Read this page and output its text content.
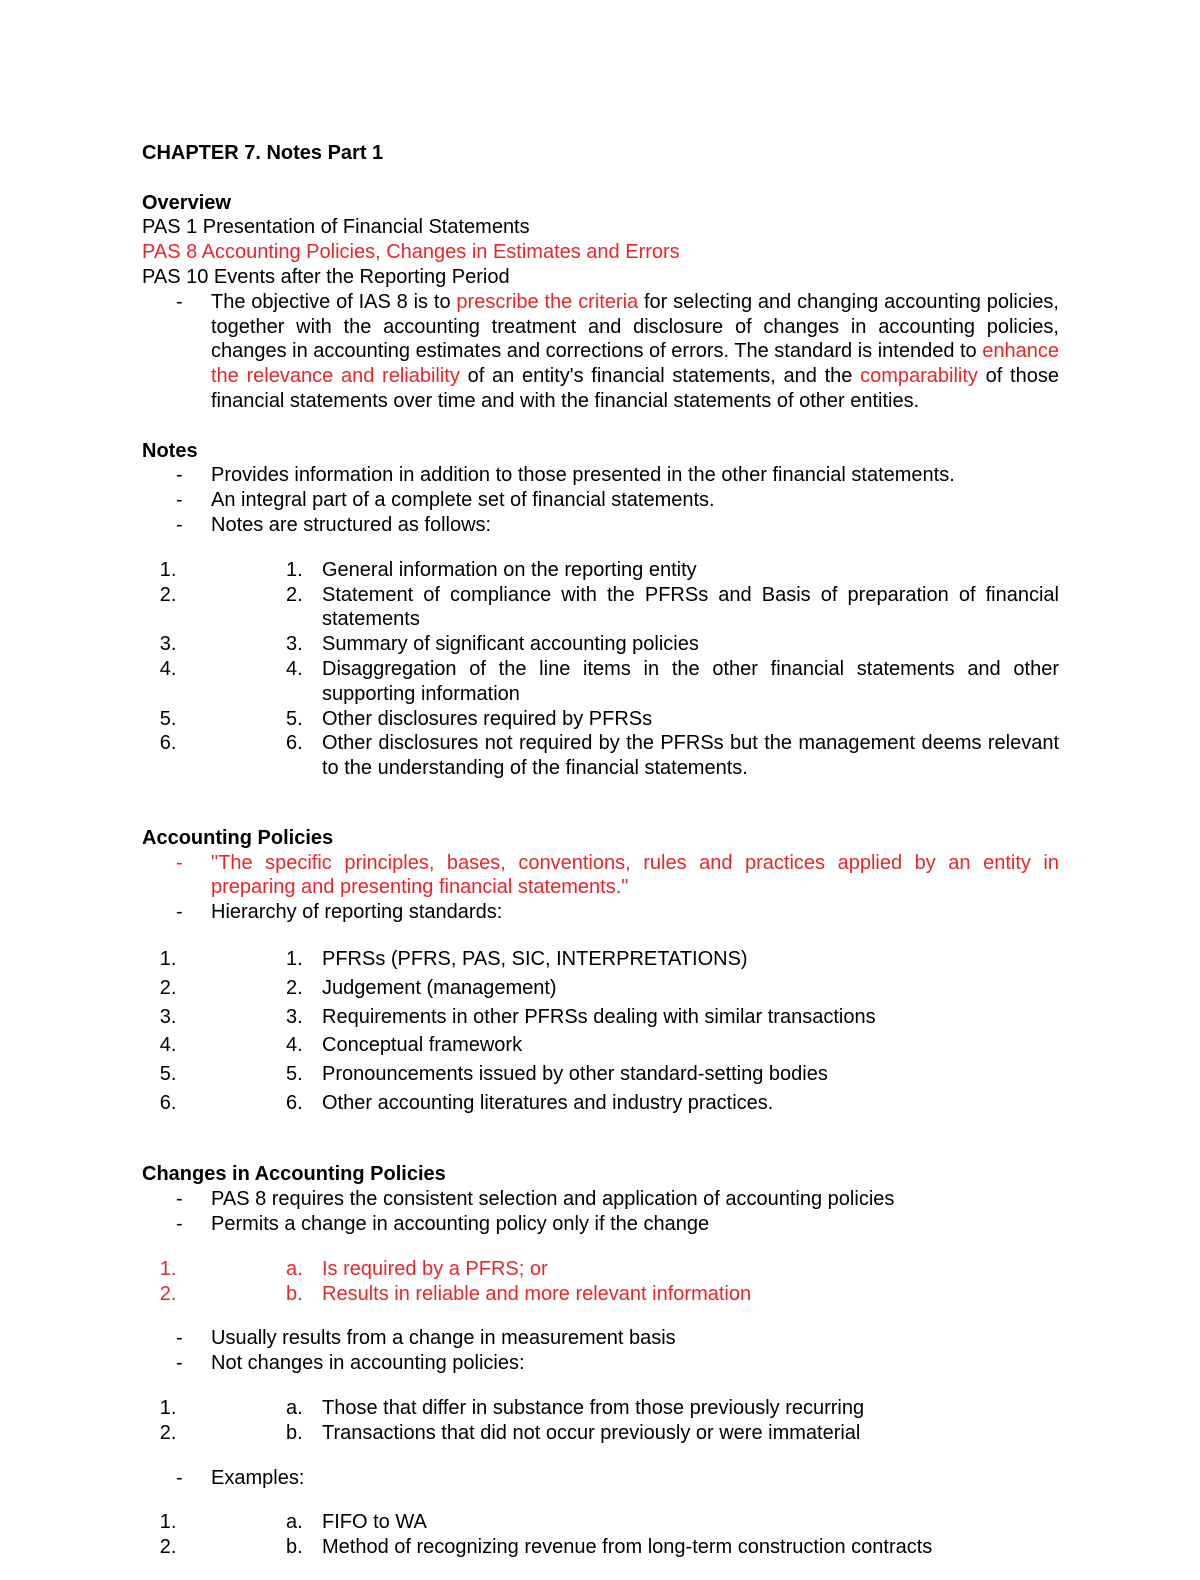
CHAPTER 7. Notes Part 1

Overview

PAS 1 Presentation of Financial Statements

PAS 8 Accounting Policies, Changes in Estimates and Errors

PAS 10 Events after the Reporting Period

- The objective of IAS 8 is to prescribe the criteria for selecting and changing accounting policies, together with the accounting treatment and disclosure of changes in accounting policies, changes in accounting estimates and corrections of errors. The standard is intended to enhance the relevance and reliability of an entity's financial statements, and the comparability of those financial statements over time and with the financial statements of other entities.

Notes

- Provides information in addition to those presented in the other financial statements.
- An integral part of a complete set of financial statements.
- Notes are structured as follows:
1. 1. General information on the reporting entity
2. 2. Statement of compliance with the PFRSs and Basis of preparation of financial statements
3. 3. Summary of significant accounting policies
4. 4. Disaggregation of the line items in the other financial statements and other supporting information
5. 5. Other disclosures required by PFRSs
6. 6. Other disclosures not required by the PFRSs but the management deems relevant to the understanding of the financial statements.

Accounting Policies

- "The specific principles, bases, conventions, rules and practices applied by an entity in preparing and presenting financial statements."
- Hierarchy of reporting standards:
1. 1. PFRSs (PFRS, PAS, SIC, INTERPRETATIONS)
2. 2. Judgement (management)
3. 3. Requirements in other PFRSs dealing with similar transactions
4. 4. Conceptual framework
5. 5. Pronouncements issued by other standard-setting bodies
6. 6. Other accounting literatures and industry practices.

Changes in Accounting Policies

- PAS 8 requires the consistent selection and application of accounting policies
- Permits a change in accounting policy only if the change
1. a. Is required by a PFRS; or
2. b. Results in reliable and more relevant information
- Usually results from a change in measurement basis
- Not changes in accounting policies:
1. a. Those that differ in substance from those previously recurring
2. b. Transactions that did not occur previously or were immaterial
- Examples:
1. a. FIFO to WA
2. b. Method of recognizing revenue from long-term construction contracts
